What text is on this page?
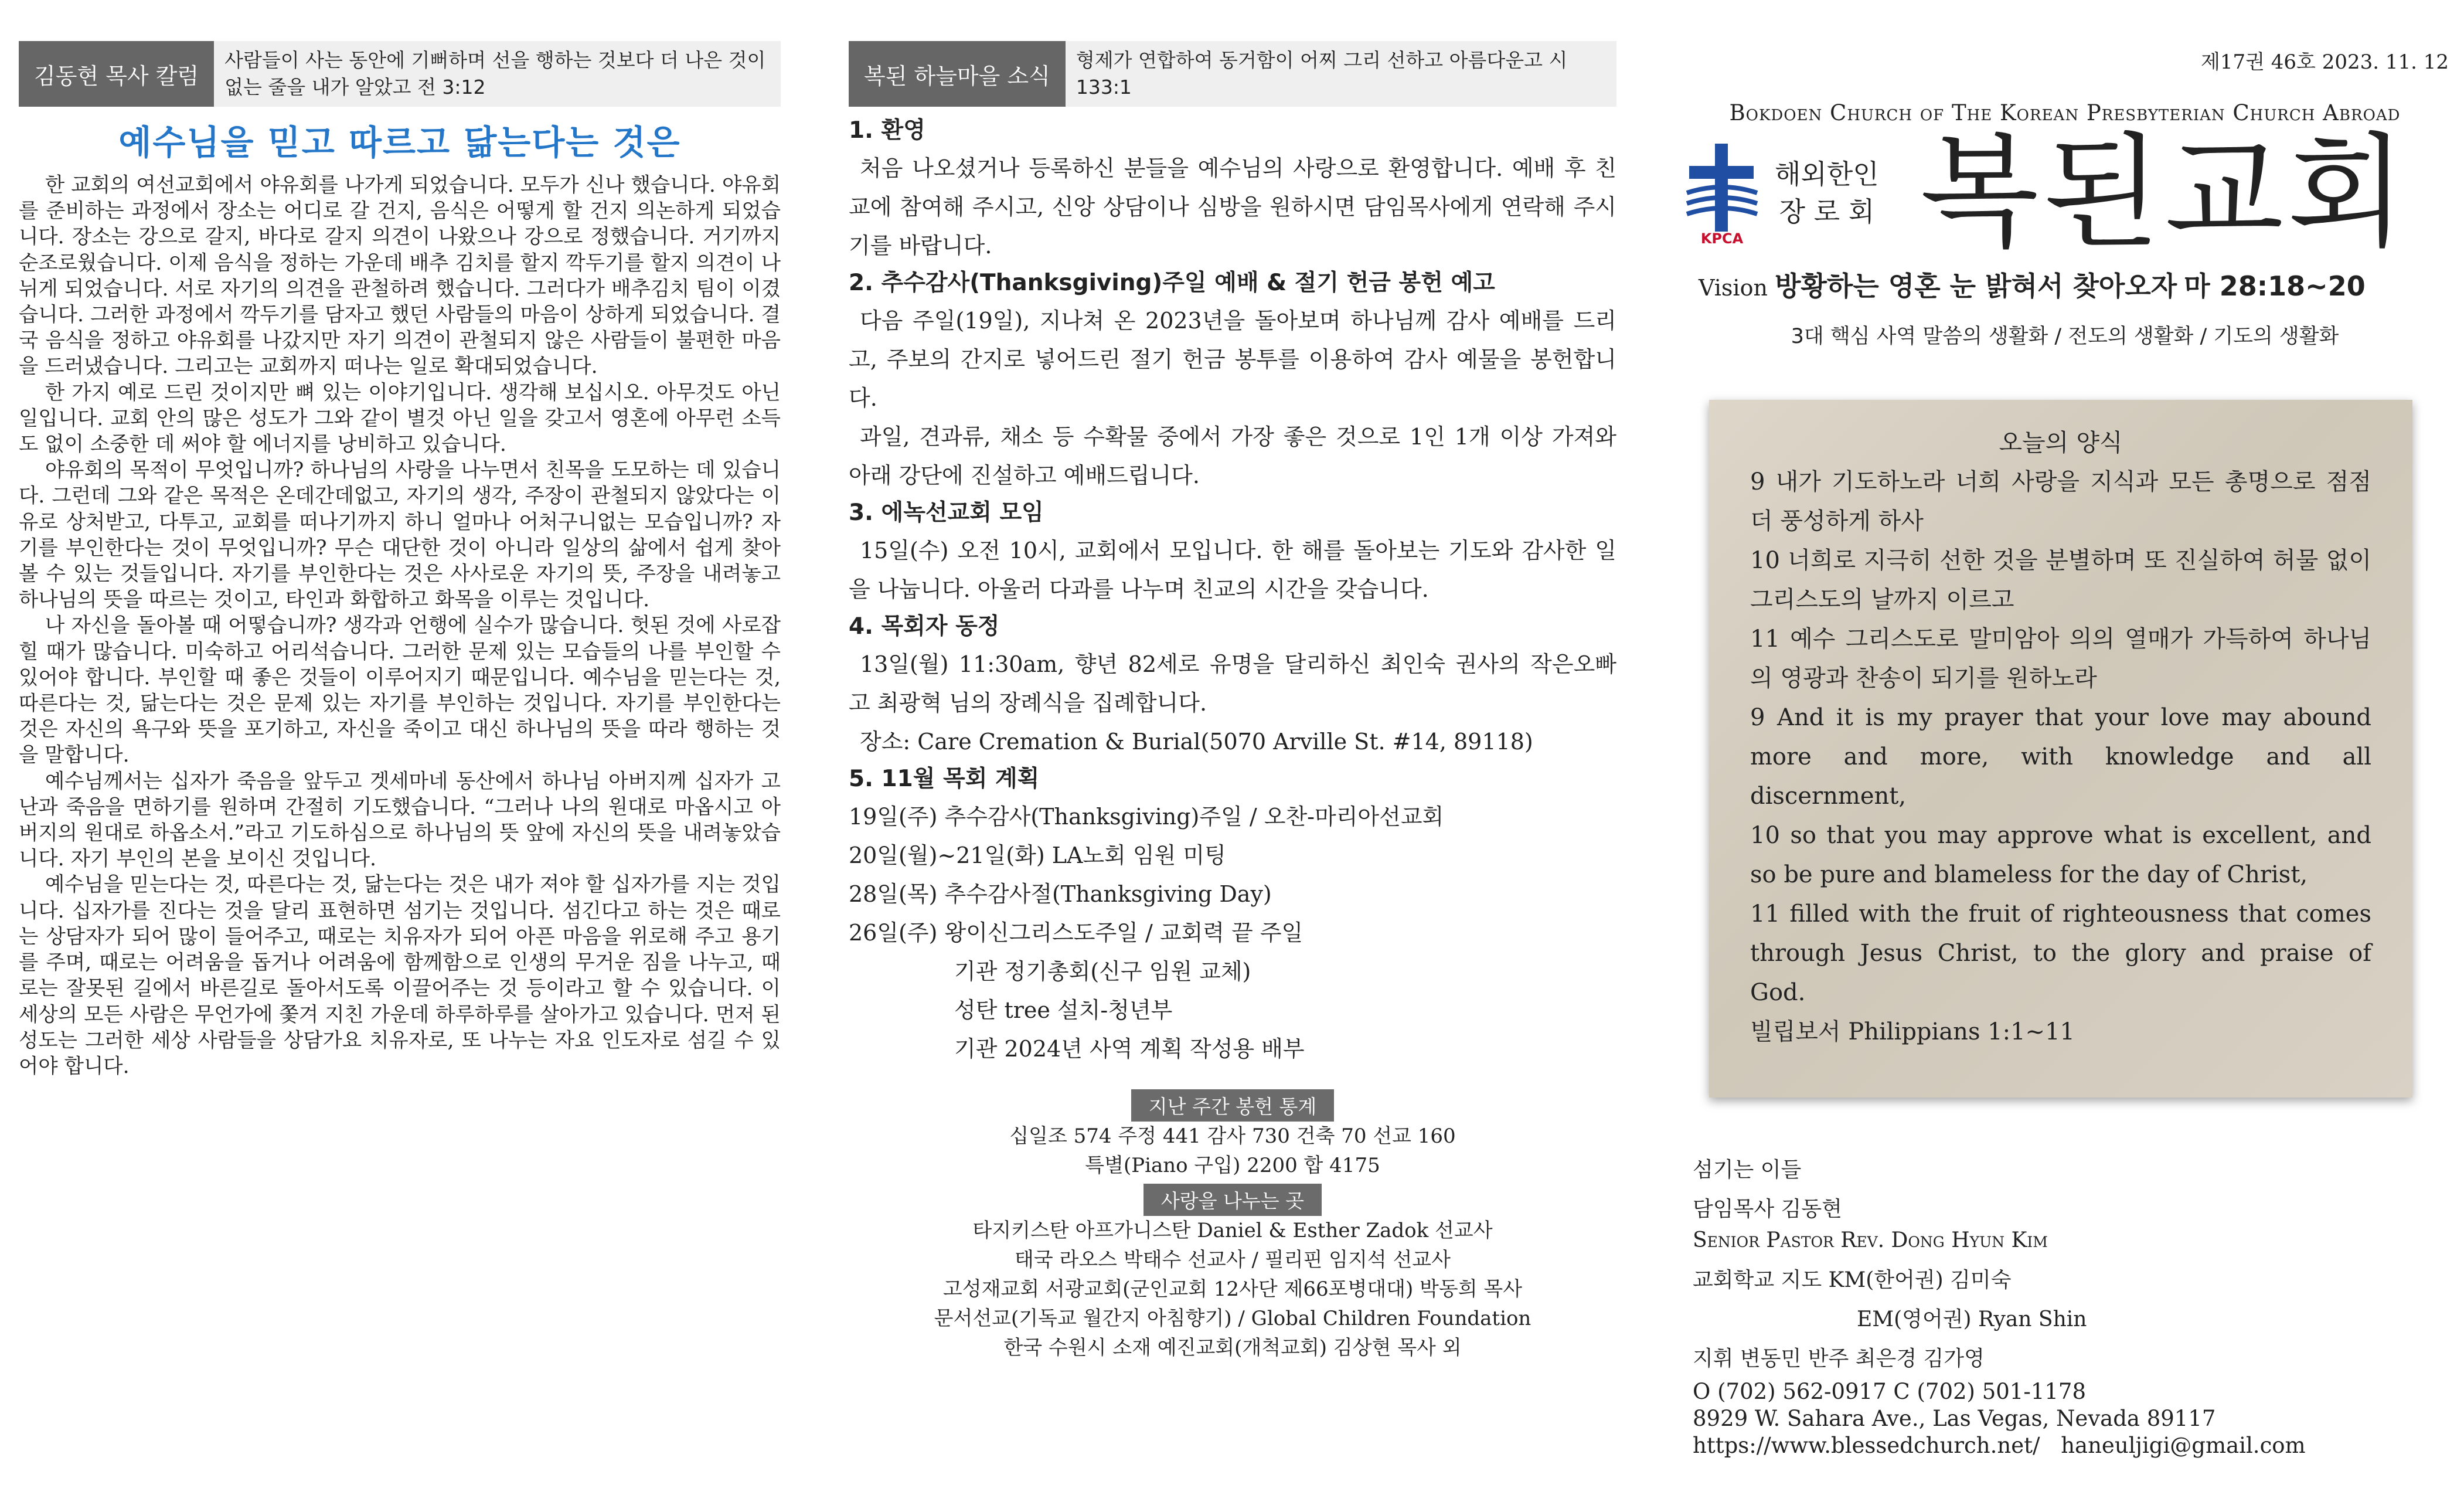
김동현 목사 칼럼
사람들이 사는 동안에 기뻐하며 선을 행하는 것보다 더 나은 것이 없는 줄을 내가 알았고 전 3:12
예수님을 믿고 따르고 닮는다는 것은

한 교회의 여선교회에서 야유회를 나가게 되었습니다. 모두가 신나 했습니다. 야유회를 준비하는 과정에서 장소는 어디로 갈 건지, 음식은 어떻게 할 건지 의논하게 되었습니다. 장소는 강으로 갈지, 바다로 갈지 의견이 나왔으나 강으로 정했습니다. 거기까지 순조로웠습니다. 이제 음식을 정하는 가운데 배추 김치를 할지 깍두기를 할지 의견이 나뉘게 되었습니다. 서로 자기의 의견을 관철하려 했습니다. 그러다가 배추김치 팀이 이겼습니다. 그러한 과정에서 깍두기를 담자고 했던 사람들의 마음이 상하게 되었습니다. 결국 음식을 정하고 야유회를 나갔지만 자기 의견이 관철되지 않은 사람들이 불편한 마음을 드러냈습니다. 그리고는 교회까지 떠나는 일로 확대되었습니다.

한 가지 예로 드린 것이지만 뼈 있는 이야기입니다. 생각해 보십시오. 아무것도 아닌 일입니다. 교회 안의 많은 성도가 그와 같이 별것 아닌 일을 갖고서 영혼에 아무런 소득도 없이 소중한 데 써야 할 에너지를 낭비하고 있습니다.

야유회의 목적이 무엇입니까? 하나님의 사랑을 나누면서 친목을 도모하는 데 있습니다. 그런데 그와 같은 목적은 온데간데없고, 자기의 생각, 주장이 관철되지 않았다는 이유로 상처받고, 다투고, 교회를 떠나기까지 하니 얼마나 어처구니없는 모습입니까? 자기를 부인한다는 것이 무엇입니까? 무슨 대단한 것이 아니라 일상의 삶에서 쉽게 찾아볼 수 있는 것들입니다. 자기를 부인한다는 것은 사사로운 자기의 뜻, 주장을 내려놓고 하나님의 뜻을 따르는 것이고, 타인과 화합하고 화목을 이루는 것입니다.

나 자신을 돌아볼 때 어떻습니까? 생각과 언행에 실수가 많습니다. 헛된 것에 사로잡힐 때가 많습니다. 미숙하고 어리석습니다. 그러한 문제 있는 모습들의 나를 부인할 수 있어야 합니다. 부인할 때 좋은 것들이 이루어지기 때문입니다. 예수님을 믿는다는 것, 따른다는 것, 닮는다는 것은 문제 있는 자기를 부인하는 것입니다. 자기를 부인한다는 것은 자신의 욕구와 뜻을 포기하고, 자신을 죽이고 대신 하나님의 뜻을 따라 행하는 것을 말합니다.

예수님께서는 십자가 죽음을 앞두고 겟세마네 동산에서 하나님 아버지께 십자가 고난과 죽음을 면하기를 원하며 간절히 기도했습니다. “그러나 나의 원대로 마옵시고 아버지의 원대로 하옵소서.”라고 기도하심으로 하나님의 뜻 앞에 자신의 뜻을 내려놓았습니다. 자기 부인의 본을 보이신 것입니다.

예수님을 믿는다는 것, 따른다는 것, 닮는다는 것은 내가 져야 할 십자가를 지는 것입니다. 십자가를 진다는 것을 달리 표현하면 섬기는 것입니다. 섬긴다고 하는 것은 때로는 상담자가 되어 많이 들어주고, 때로는 치유자가 되어 아픈 마음을 위로해 주고 용기를 주며, 때로는 어려움을 돕거나 어려움에 함께함으로 인생의 무거운 짐을 나누고, 때로는 잘못된 길에서 바른길로 돌아서도록 이끌어주는 것 등이라고 할 수 있습니다. 이 세상의 모든 사람은 무언가에 쫓겨 지친 가운데 하루하루를 살아가고 있습니다. 먼저 된 성도는 그러한 세상 사람들을 상담가요 치유자로, 또 나누는 자요 인도자로 섬길 수 있어야 합니다.

복된 하늘마을 소식
형제가 연합하여 동거함이 어찌 그리 선하고 아름다운고 시 133:1
1. 환영

처음 나오셨거나 등록하신 분들을 예수님의 사랑으로 환영합니다. 예배 후 친교에 참여해 주시고, 신앙 상담이나 심방을 원하시면 담임목사에게 연락해 주시기를 바랍니다.

2. 추수감사(Thanksgiving)주일 예배 & 절기 헌금 봉헌 예고

다음 주일(19일), 지나쳐 온 2023년을 돌아보며 하나님께 감사 예배를 드리고, 주보의 간지로 넣어드린 절기 헌금 봉투를 이용하여 감사 예물을 봉헌합니다.

과일, 견과류, 채소 등 수확물 중에서 가장 좋은 것으로 1인 1개 이상 가져와 아래 강단에 진설하고 예배드립니다.

3. 에녹선교회 모임

15일(수) 오전 10시, 교회에서 모입니다. 한 해를 돌아보는 기도와 감사한 일을 나눕니다. 아울러 다과를 나누며 친교의 시간을 갖습니다.

4. 목회자 동정

13일(월) 11:30am, 향년 82세로 유명을 달리하신 최인숙 권사의 작은오빠 고 최광혁 님의 장례식을 집례합니다.

장소: Care Cremation & Burial(5070 Arville St. #14, 89118)

5. 11월 목회 계획
19일(주) 추수감사(Thanksgiving)주일 / 오찬-마리아선교회
20일(월)~21일(화) LA노회 임원 미팅
28일(목) 추수감사절(Thanksgiving Day)
26일(주) 왕이신그리스도주일 / 교회력 끝 주일
기관 정기총회(신구 임원 교체)
성탄 tree 설치-청년부
기관 2024년 사역 계획 작성용 배부
지난 주간 봉헌 통계
십일조 574 주정 441 감사 730 건축 70 선교 160
특별(Piano 구입) 2200 합 4175
사랑을 나누는 곳
타지키스탄 아프가니스탄 Daniel & Esther Zadok 선교사
태국 라오스 박태수 선교사 / 필리핀 임지석 선교사
고성재교회 서광교회(군인교회 12사단 제66포병대대) 박동희 목사
문서선교(기독교 월간지 아침향기) / Global Children Foundation
한국 수원시 소재 예진교회(개척교회) 김상현 목사 외
제17권 46호 2023. 11. 12
Bokdoen Church of The Korean Presbyterian Church Abroad
KPCA
해외한인
장 로 회 복된교회
Vision 방황하는 영혼 눈 밝혀서 찾아오자 마 28:18~20
3대 핵심 사역 말씀의 생활화 / 전도의 생활화 / 기도의 생활화
오늘의 양식

9 내가 기도하노라 너희 사랑을 지식과 모든 총명으로 점점 더 풍성하게 하사

10 너희로 지극히 선한 것을 분별하며 또 진실하여 허물 없이 그리스도의 날까지 이르고

11 예수 그리스도로 말미암아 의의 열매가 가득하여 하나님의 영광과 찬송이 되기를 원하노라

9 And it is my prayer that your love may abound more and more, with knowledge and all discernment,

10 so that you may approve what is excellent, and so be pure and blameless for the day of Christ,

11 filled with the fruit of righteousness that comes through Jesus Christ, to the glory and praise of God.

빌립보서 Philippians 1:1~11

섬기는 이들
담임목사 김동현
Senior Pastor Rev. Dong Hyun Kim
교회학교 지도 KM(한어권) 김미숙
EM(영어권) Ryan Shin
지휘 변동민 반주 최은경 김가영
O (702) 562-0917 C (702) 501-1178
8929 W. Sahara Ave., Las Vegas, Nevada 89117
https://www.blessedchurch.net/ haneuljigi@gmail.com
